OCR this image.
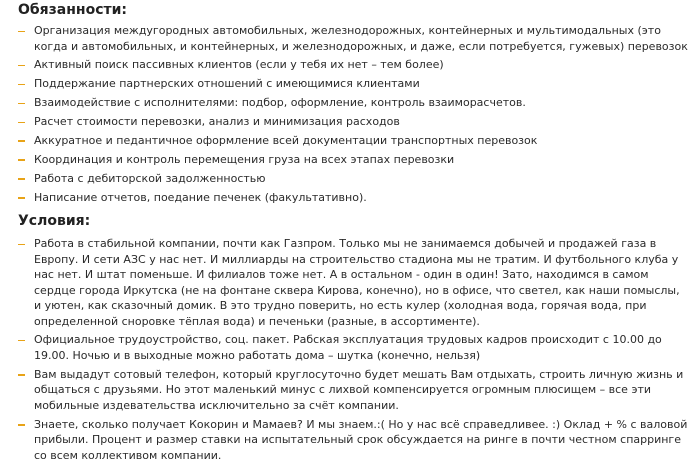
Обязанности:
Организация междугородных автомобильных, железнодорожных, контейнерных и мультимодальных (это когда и автомобильных, и контейнерных, и железнодорожных, и даже, если потребуется, гужевых) перевозок
Активный поиск пассивных клиентов (если у тебя их нет – тем более)
Поддержание партнерских отношений с имеющимися клиентами
Взаимодействие с исполнителями: подбор, оформление, контроль взаиморасчетов.
Расчет стоимости перевозки, анализ и минимизация расходов
Аккуратное и педантичное оформление всей документации транспортных перевозок
Координация и контроль перемещения груза на всех этапах перевозки
Работа с дебиторской задолженностью
Написание отчетов, поедание печенек (факультативно).
Условия:
Работа в стабильной компании, почти как Газпром. Только мы не занимаемся добычей и продажей газа в Европу. И сети АЗС у нас нет. И миллиарды на строительство стадиона мы не тратим. И футбольного клуба у нас нет. И штат поменьше. И филиалов тоже нет. А в остальном - один в один! Зато, находимся в самом сердце города Иркутска (не на фонтане сквера Кирова, конечно), но в офисе, что светел, как наши помыслы, и уютен, как сказочный домик. В это трудно поверить, но есть кулер (холодная вода, горячая вода, при определенной сноровке тёплая вода) и печеньки (разные, в ассортименте).
Официальное трудоустройство, соц. пакет. Рабская эксплуатация трудовых кадров происходит с 10.00 до 19.00. Ночью и в выходные можно работать дома – шутка (конечно, нельзя)
Вам выдадут сотовый телефон, который круглосуточно будет мешать Вам отдыхать, строить личную жизнь и общаться с друзьями. Но этот маленький минус с лихвой компенсируется огромным плюсищем – все эти мобильные издевательства исключительно за счёт компании.
Знаете, сколько получает Кокорин и Мамаев? И мы знаем.:( Но у нас всё справедливее. :) Оклад + % с валовой прибыли. Процент и размер ставки на испытательный срок обсуждается на ринге в почти честном спарринге со всем коллективом компании.
